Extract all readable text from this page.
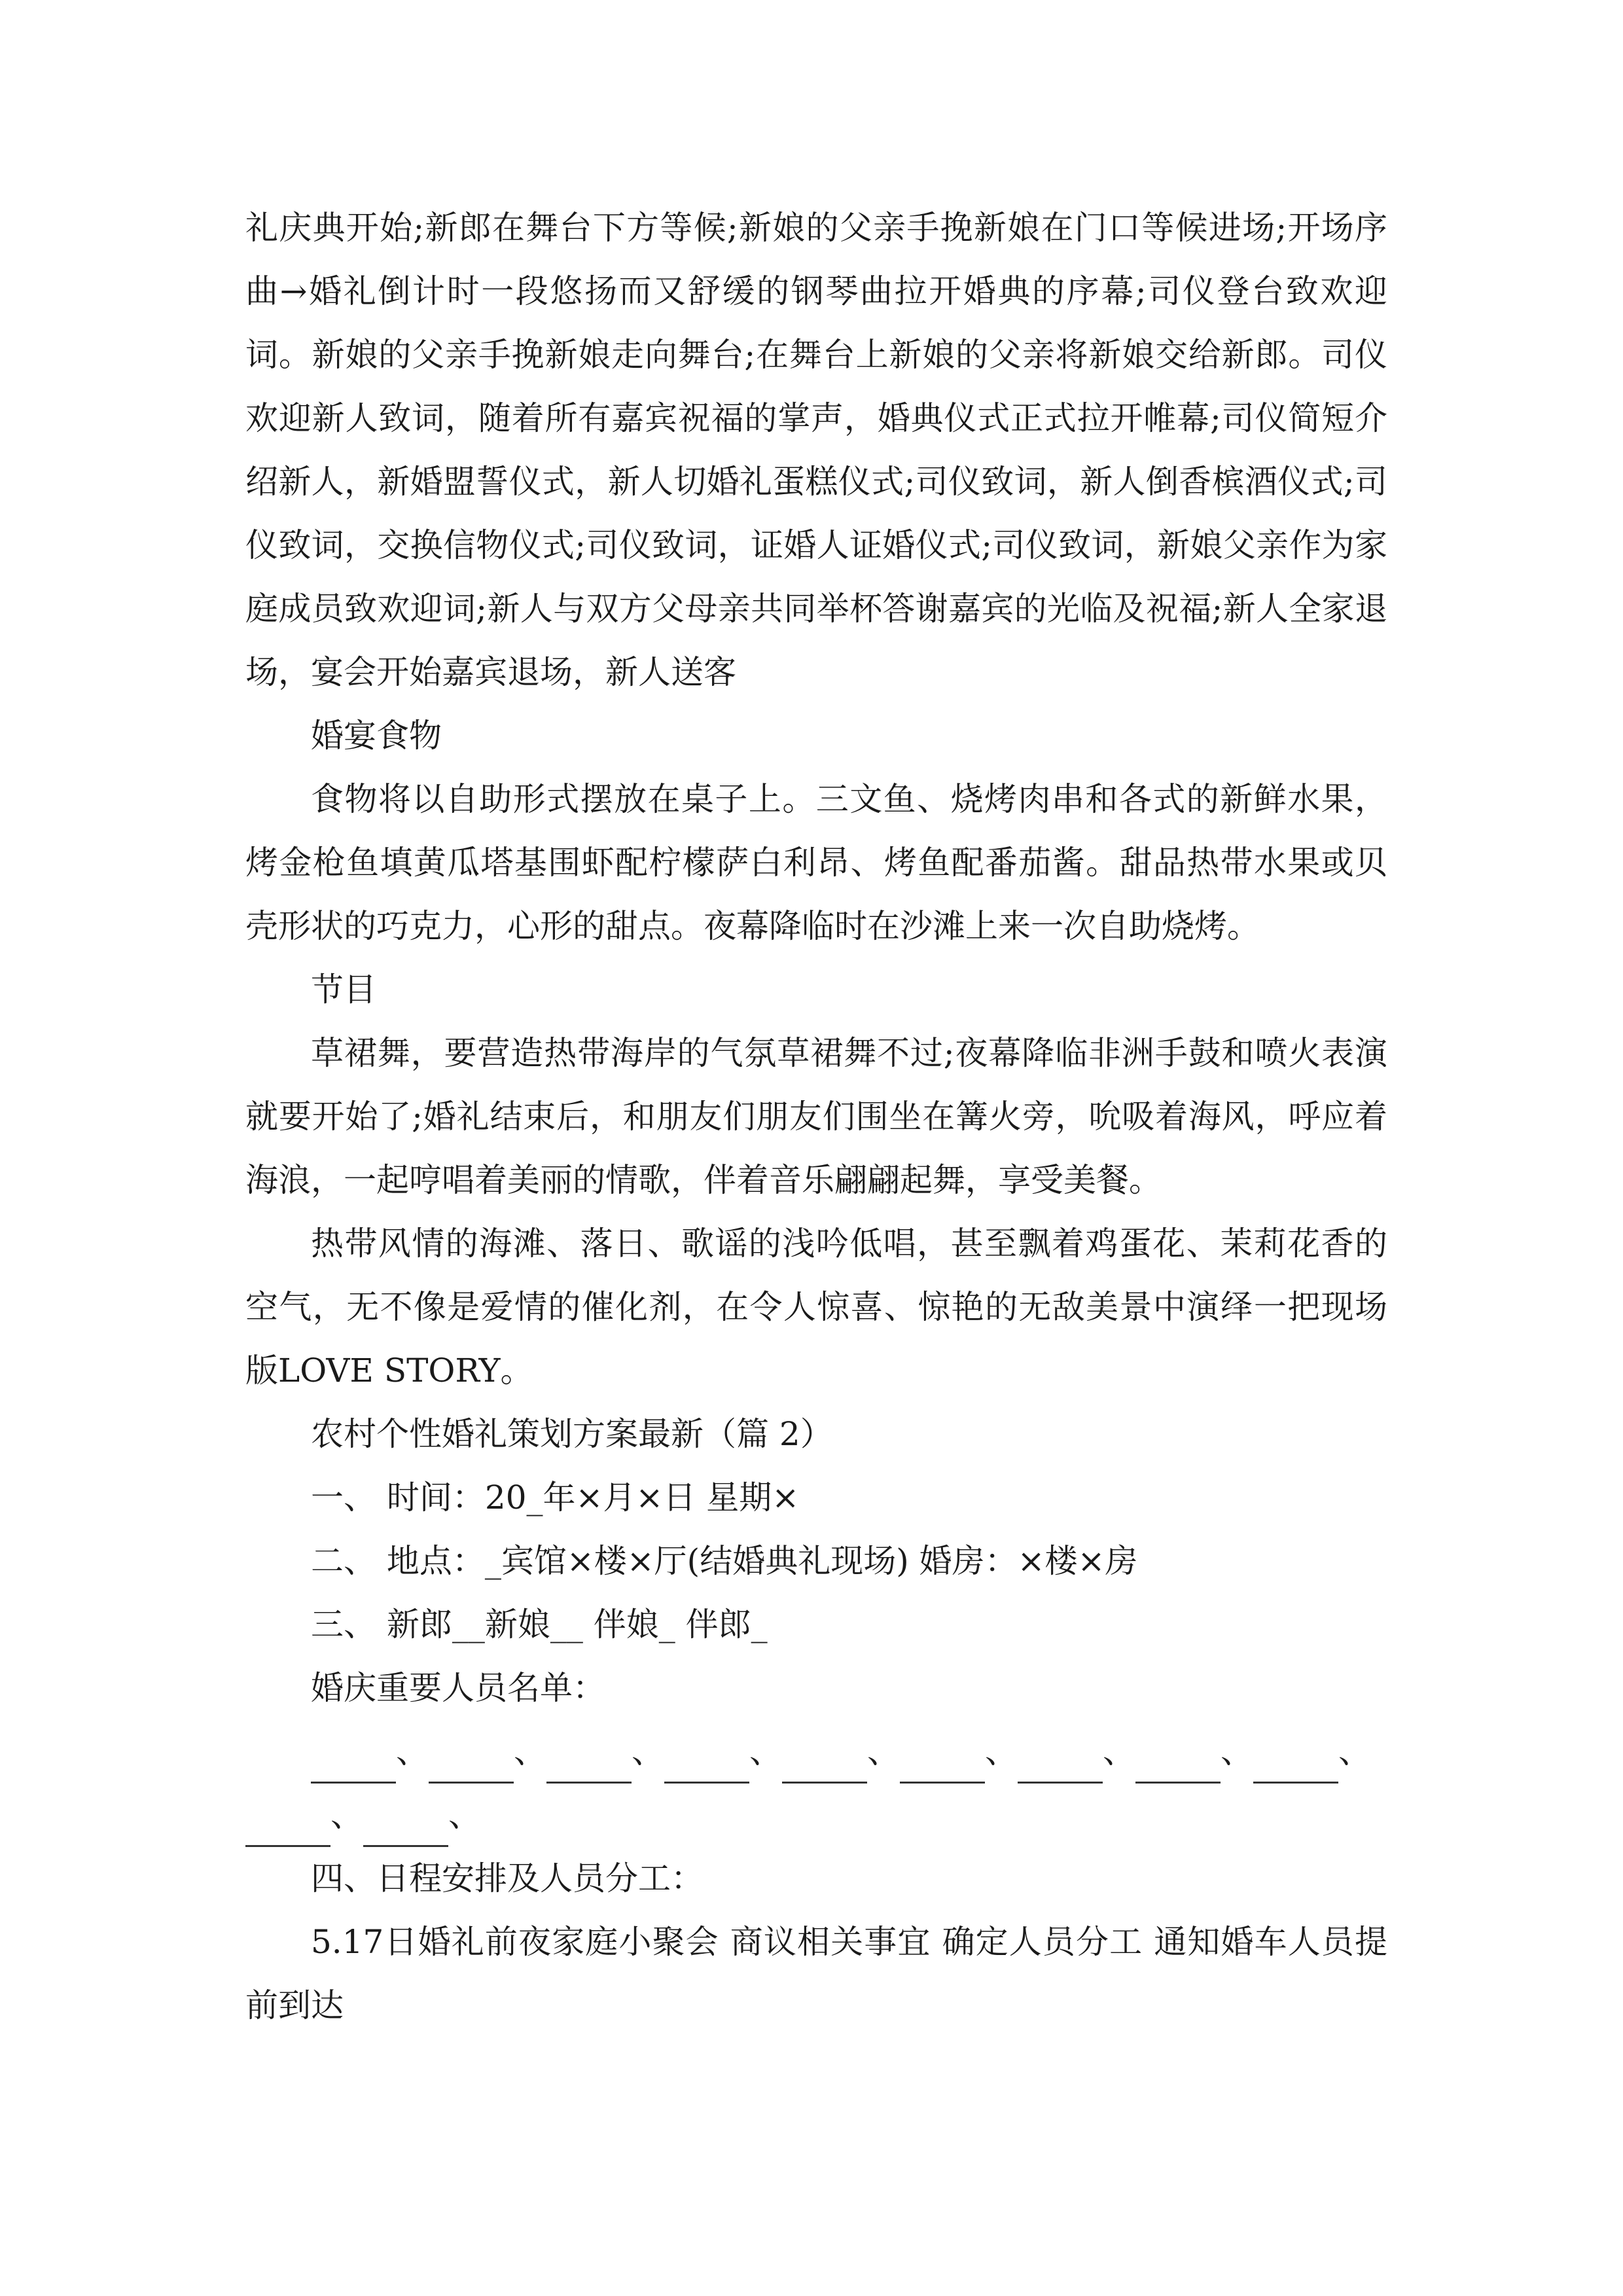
礼庆典开始;新郎在舞台下方等候;新娘的父亲手挽新娘在门口等候进场;开场序曲→婚礼倒计时一段悠扬而又舒缓的钢琴曲拉开婚典的序幕;司仪登台致欢迎词。新娘的父亲手挽新娘走向舞台;在舞台上新娘的父亲将新娘交给新郎。司仪欢迎新人致词，随着所有嘉宾祝福的掌声，婚典仪式正式拉开帷幕;司仪简短介绍新人，新婚盟誓仪式，新人切婚礼蛋糕仪式;司仪致词，新人倒香槟酒仪式;司仪致词，交换信物仪式;司仪致词，证婚人证婚仪式;司仪致词，新娘父亲作为家庭成员致欢迎词;新人与双方父母亲共同举杯答谢嘉宾的光临及祝福;新人全家退场，宴会开始嘉宾退场，新人送客

婚宴食物

食物将以自助形式摆放在桌子上。三文鱼、烧烤肉串和各式的新鲜水果，烤金枪鱼填黄瓜塔基围虾配柠檬萨白利昂、烤鱼配番茄酱。甜品热带水果或贝壳形状的巧克力，心形的甜点。夜幕降临时在沙滩上来一次自助烧烤。

节目

草裙舞，要营造热带海岸的气氛草裙舞不过;夜幕降临非洲手鼓和喷火表演就要开始了;婚礼结束后，和朋友们朋友们围坐在篝火旁，吮吸着海风，呼应着海浪，一起哼唱着美丽的情歌，伴着音乐翩翩起舞，享受美餐。

热带风情的海滩、落日、歌谣的浅吟低唱，甚至飘着鸡蛋花、茉莉花香的空气，无不像是爱情的催化剂，在令人惊喜、惊艳的无敌美景中演绎一把现场版LOVE STORY。

农村个性婚礼策划方案最新（篇 2）

一、 时间：20_年×月×日 星期×

二、 地点：_宾馆×楼×厅(结婚典礼现场) 婚房：×楼×房

三、 新郎__新娘__ 伴娘_ 伴郎_

婚庆重要人员名单：

、	、	、	、	、	、	、	、	、
、	、

四、日程安排及人员分工：

5.17日婚礼前夜家庭小聚会 商议相关事宜 确定人员分工 通知婚车人员提前到达
